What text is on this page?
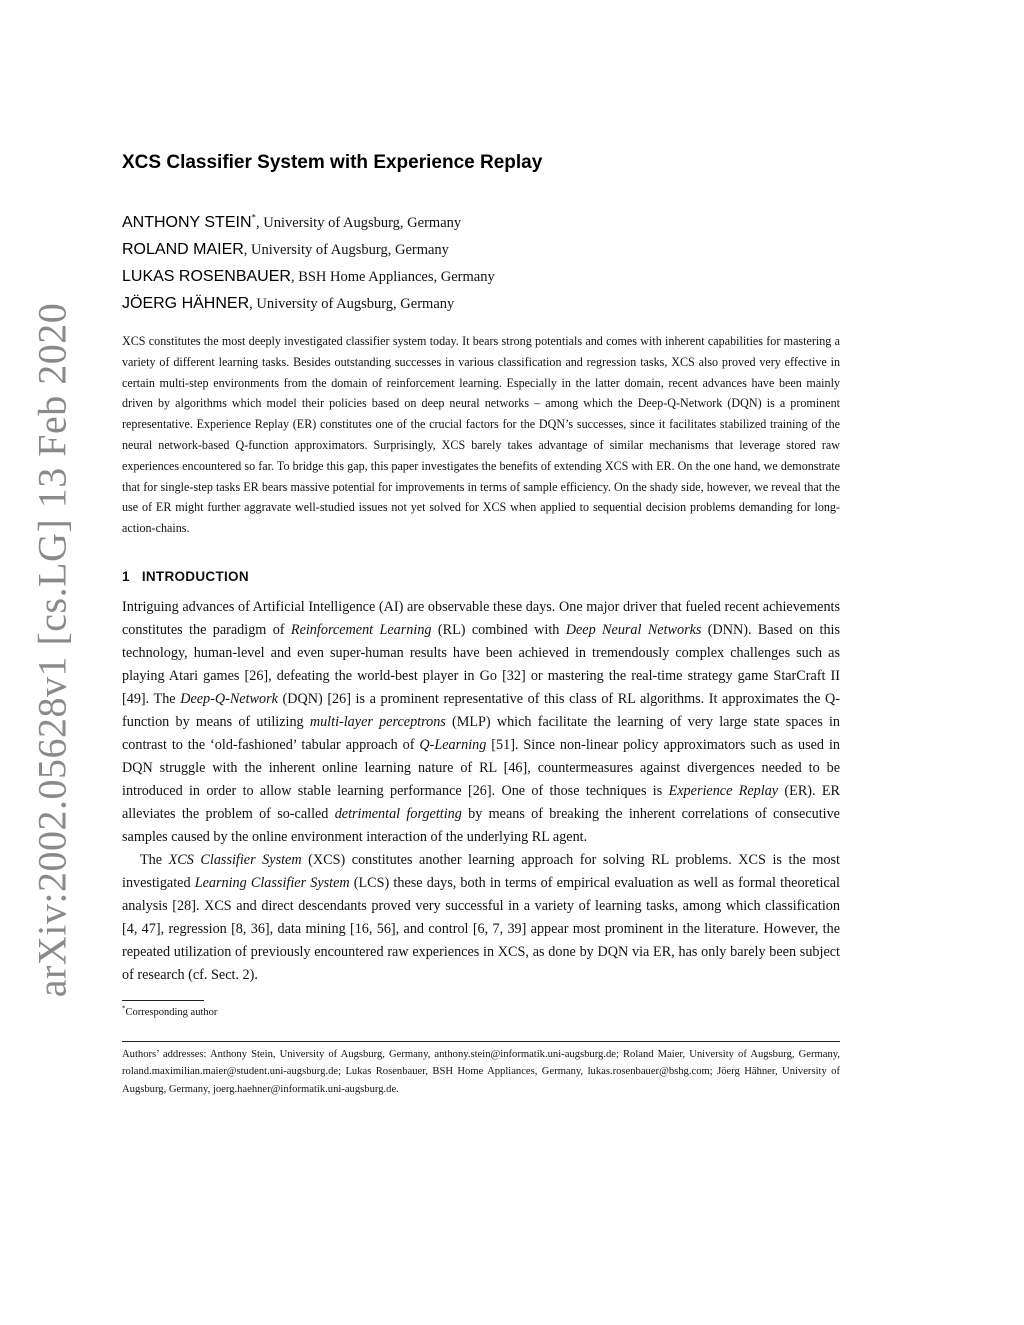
arXiv:2002.05628v1 [cs.LG] 13 Feb 2020
XCS Classifier System with Experience Replay
ANTHONY STEIN*, University of Augsburg, Germany
ROLAND MAIER, University of Augsburg, Germany
LUKAS ROSENBAUER, BSH Home Appliances, Germany
JÖERG HÄHNER, University of Augsburg, Germany
XCS constitutes the most deeply investigated classifier system today. It bears strong potentials and comes with inherent capabilities for mastering a variety of different learning tasks. Besides outstanding successes in various classification and regression tasks, XCS also proved very effective in certain multi-step environments from the domain of reinforcement learning. Especially in the latter domain, recent advances have been mainly driven by algorithms which model their policies based on deep neural networks – among which the Deep-Q-Network (DQN) is a prominent representative. Experience Replay (ER) constitutes one of the crucial factors for the DQN’s successes, since it facilitates stabilized training of the neural network-based Q-function approximators. Surprisingly, XCS barely takes advantage of similar mechanisms that leverage stored raw experiences encountered so far. To bridge this gap, this paper investigates the benefits of extending XCS with ER. On the one hand, we demonstrate that for single-step tasks ER bears massive potential for improvements in terms of sample efficiency. On the shady side, however, we reveal that the use of ER might further aggravate well-studied issues not yet solved for XCS when applied to sequential decision problems demanding for long-action-chains.
1 INTRODUCTION

Intriguing advances of Artificial Intelligence (AI) are observable these days. One major driver that fueled recent achievements constitutes the paradigm of Reinforcement Learning (RL) combined with Deep Neural Networks (DNN). Based on this technology, human-level and even super-human results have been achieved in tremendously complex challenges such as playing Atari games [26], defeating the world-best player in Go [32] or mastering the real-time strategy game StarCraft II [49]. The Deep-Q-Network (DQN) [26] is a prominent representative of this class of RL algorithms. It approximates the Q-function by means of utilizing multi-layer perceptrons (MLP) which facilitate the learning of very large state spaces in contrast to the ‘old-fashioned’ tabular approach of Q-Learning [51]. Since non-linear policy approximators such as used in DQN struggle with the inherent online learning nature of RL [46], countermeasures against divergences needed to be introduced in order to allow stable learning performance [26]. One of those techniques is Experience Replay (ER). ER alleviates the problem of so-called detrimental forgetting by means of breaking the inherent correlations of consecutive samples caused by the online environment interaction of the underlying RL agent.

The XCS Classifier System (XCS) constitutes another learning approach for solving RL problems. XCS is the most investigated Learning Classifier System (LCS) these days, both in terms of empirical evaluation as well as formal theoretical analysis [28]. XCS and direct descendants proved very successful in a variety of learning tasks, among which classification [4, 47], regression [8, 36], data mining [16, 56], and control [6, 7, 39] appear most prominent in the literature. However, the repeated utilization of previously encountered raw experiences in XCS, as done by DQN via ER, has only barely been subject of research (cf. Sect. 2).

*Corresponding author
Authors’ addresses: Anthony Stein, University of Augsburg, Germany, anthony.stein@informatik.uni-augsburg.de; Roland Maier, University of Augsburg, Germany, roland.maximilian.maier@student.uni-augsburg.de; Lukas Rosenbauer, BSH Home Appliances, Germany, lukas.rosenbauer@bshg.com; Jöerg Hähner, University of Augsburg, Germany, joerg.haehner@informatik.uni-augsburg.de.
